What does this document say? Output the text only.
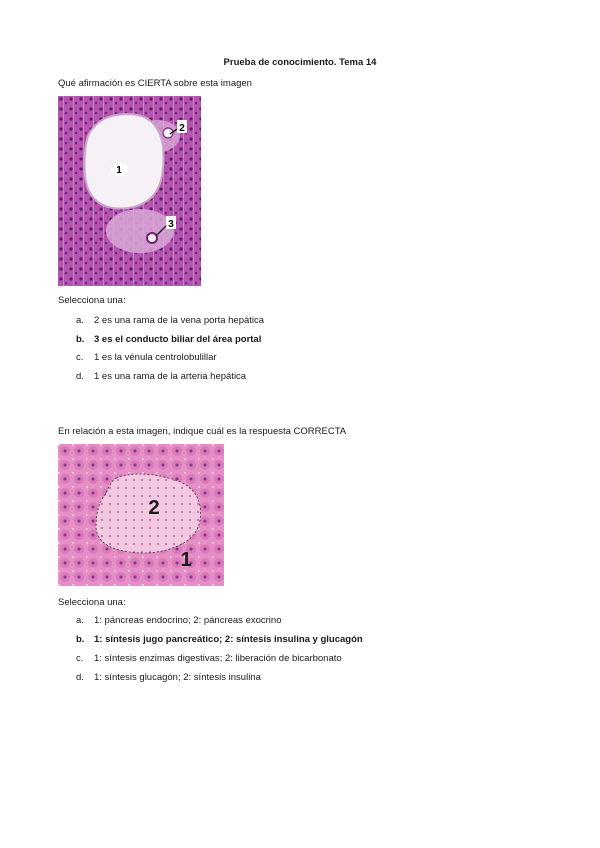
Prueba de conocimiento. Tema 14
Qué afirmación es CIERTA sobre esta imagen
1
2
3
Selecciona una:
a.	2 es una rama de la vena porta hepática
b.	3 es el conducto biliar del área portal
c.	1 es la vénula centrolobulillar
d.	1 es una rama de la arteria hepática
En relación a esta imagen, indique cuál es la respuesta CORRECTA
2
1
Selecciona una:
a.	1: páncreas endocrino; 2: páncreas exocrino
b.	1: síntesis jugo pancreático; 2: síntesis insulina y glucagón
c.	1: síntesis enzimas digestivas; 2: liberación de bicarbonato
d.	1: síntesis glucagón; 2: síntesis insulina
